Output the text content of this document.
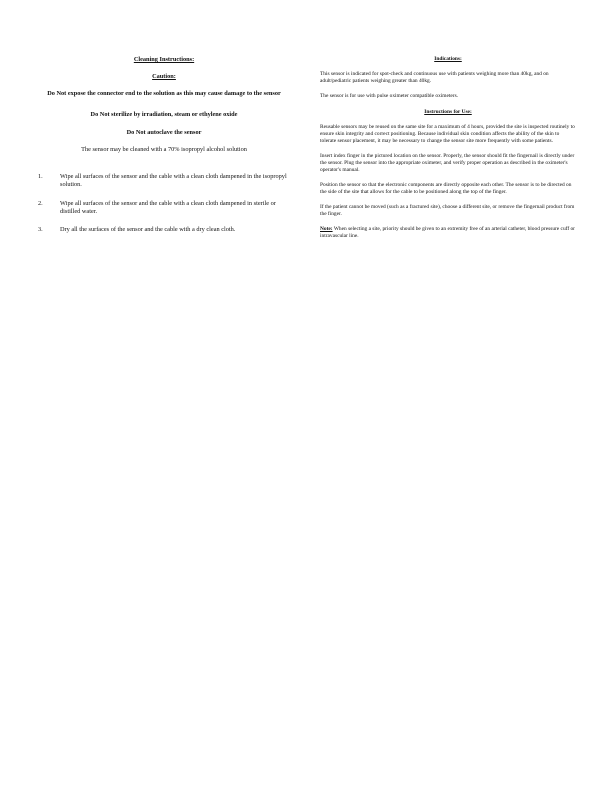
Cleaning Instructions:

Caution:

Do Not expose the connector end to the solution as this may cause damage to the sensor

Do Not sterilize by irradiation, steam or ethylene oxide

Do Not autoclave the sensor

The sensor may be cleaned with a 70% isopropyl alcohol solution

1.	Wipe all surfaces of the sensor and the cable with a clean cloth dampened in the isopropyl solution.
2.	Wipe all surfaces of the sensor and the cable with a clean cloth dampened in sterile or distilled water.
3.	Dry all the surfaces of the sensor and the cable with a dry clean cloth.

Indications:

This sensor is indicated for spot-check and continuous use with patients weighing more than 40kg, and on adult/pediatric patients weighing greater than 40kg.

The sensor is for use with pulse oximeter compatible oximeters.

Instructions for Use:

Reusable sensors may be reused on the same site for a maximum of 4 hours, provided the site is inspected routinely to ensure skin integrity and correct positioning. Because individual skin condition affects the ability of the skin to tolerate sensor placement, it may be necessary to change the sensor site more frequently with some patients.

Insert index finger in the pictured location on the sensor. Properly, the sensor should fit the fingernail is directly under the sensor. Plug the sensor into the appropriate oximeter, and verify proper operation as described in the oximeter's operator's manual.

Position the sensor so that the electronic components are directly opposite each other. The sensor is to be directed on the side of the site that allows for the cable to be positioned along the top of the finger.

If the patient cannot be moved (such as a fractured site), choose a different site, or remove the fingernail product from the finger.

Note: When selecting a site, priority should be given to an extremity free of an arterial catheter, blood pressure cuff or intravascular line.
